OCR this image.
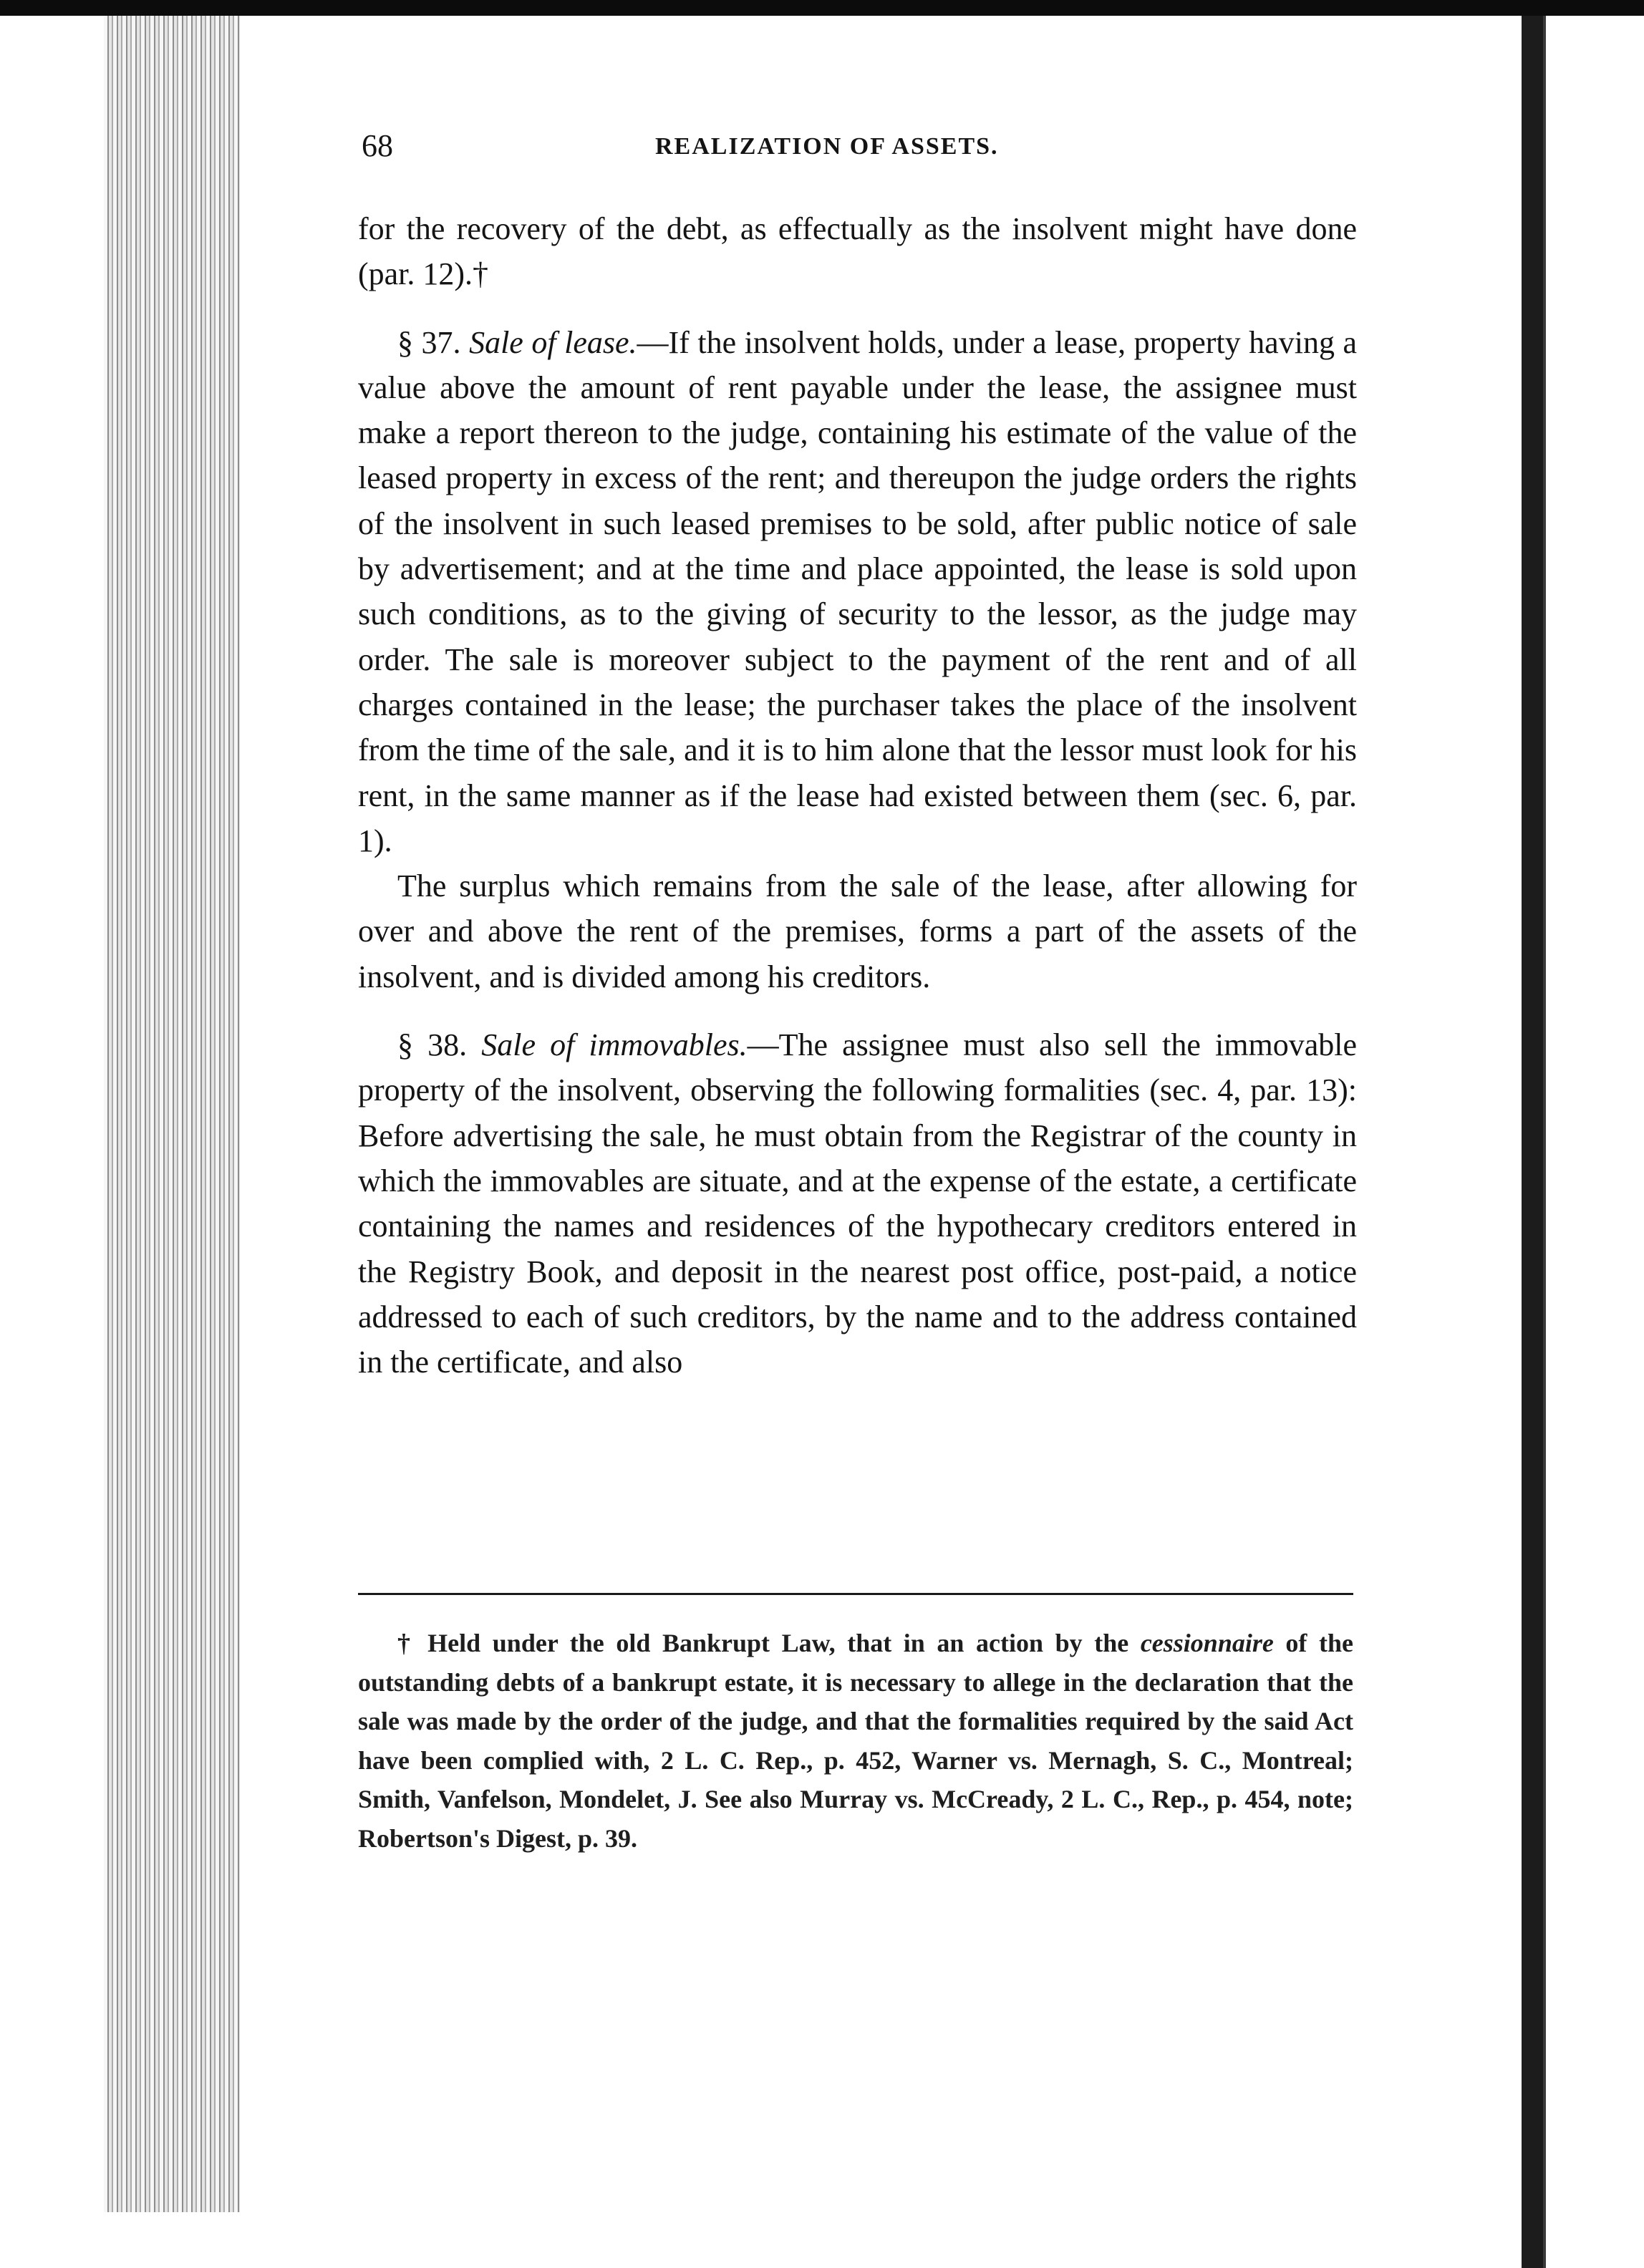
68	REALIZATION OF ASSETS.

for the recovery of the debt, as effectually as the insolvent might have done (par. 12).†

§ 37. Sale of lease.—If the insolvent holds, under a lease, property having a value above the amount of rent payable under the lease, the assignee must make a report thereon to the judge, containing his estimate of the value of the leased property in excess of the rent; and thereupon the judge orders the rights of the insolvent in such leased premises to be sold, after public notice of sale by advertisement; and at the time and place appointed, the lease is sold upon such conditions, as to the giving of security to the lessor, as the judge may order. The sale is moreover subject to the payment of the rent and of all charges contained in the lease; the purchaser takes the place of the insolvent from the time of the sale, and it is to him alone that the lessor must look for his rent, in the same manner as if the lease had existed between them (sec. 6, par. 1).

The surplus which remains from the sale of the lease, after allowing for over and above the rent of the premises, forms a part of the assets of the insolvent, and is divided among his creditors.

§ 38. Sale of immovables.—The assignee must also sell the immovable property of the insolvent, observing the following formalities (sec. 4, par. 13): Before advertising the sale, he must obtain from the Registrar of the county in which the immovables are situate, and at the expense of the estate, a certificate containing the names and residences of the hypothecary creditors entered in the Registry Book, and deposit in the nearest post office, post-paid, a notice addressed to each of such creditors, by the name and to the address contained in the certificate, and also

† Held under the old Bankrupt Law, that in an action by the cessionnaire of the outstanding debts of a bankrupt estate, it is necessary to allege in the declaration that the sale was made by the order of the judge, and that the formalities required by the said Act have been complied with, 2 L. C. Rep., p. 452, Warner vs. Mernagh, S. C., Montreal; Smith, Vanfelson, Mondelet, J. See also Murray vs. McCready, 2 L. C., Rep., p. 454, note; Robertson's Digest, p. 39.
